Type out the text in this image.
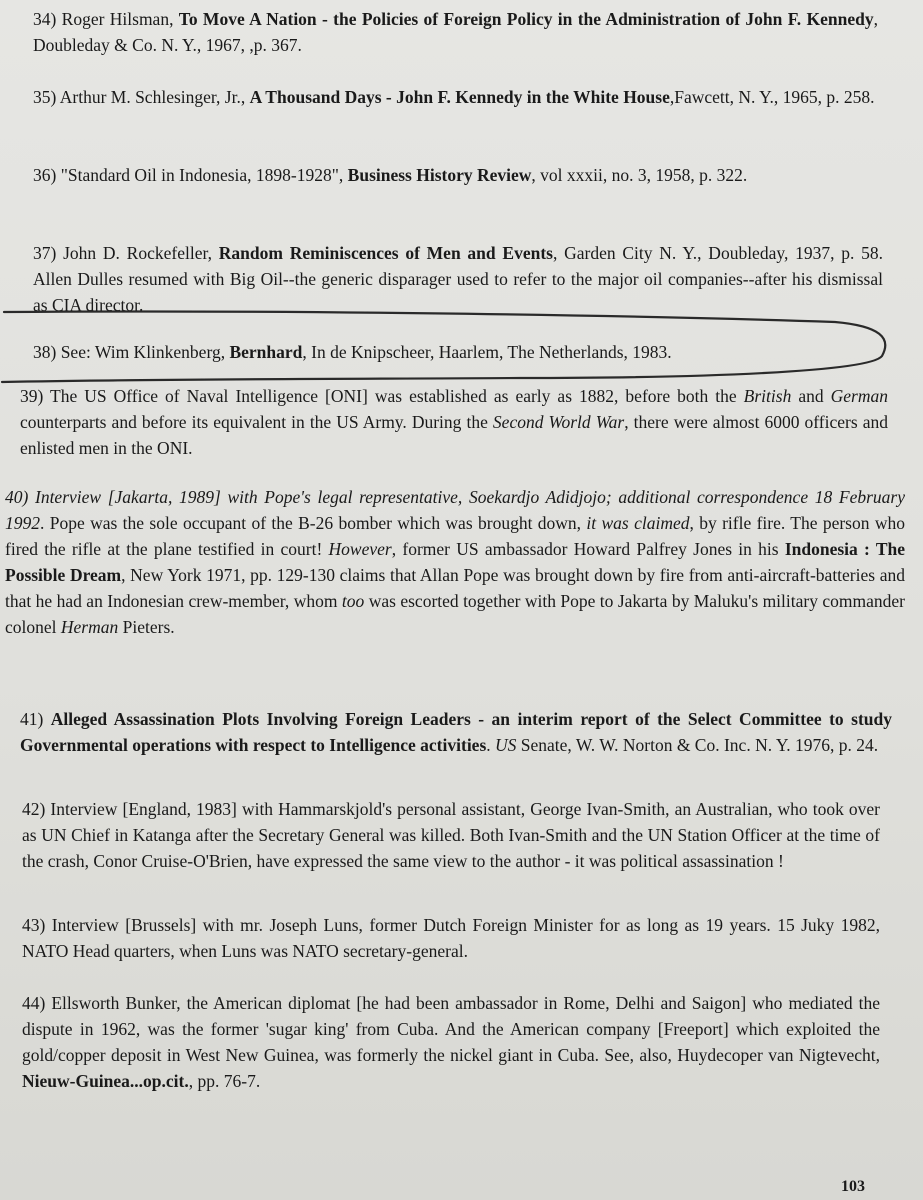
34) Roger Hilsman, To Move A Nation - the Policies of Foreign Policy in the Administration of John F. Kennedy, Doubleday & Co. N. Y., 1967, ,p. 367.
35) Arthur M. Schlesinger, Jr., A Thousand Days - John F. Kennedy in the White House,Fawcett, N. Y., 1965, p. 258.
36) "Standard Oil in Indonesia, 1898-1928", Business History Review, vol xxxii, no. 3, 1958, p. 322.
37) John D. Rockefeller, Random Reminiscences of Men and Events, Garden City N. Y., Doubleday, 1937, p. 58. Allen Dulles resumed with Big Oil--the generic disparager used to refer to the major oil companies--after his dismissal as CIA director.
38) See: Wim Klinkenberg, Bernhard, In de Knipscheer, Haarlem, The Netherlands, 1983.
39) The US Office of Naval Intelligence [ONI] was established as early as 1882, before both the British and German counterparts and before its equivalent in the US Army. During the Second World War, there were almost 6000 officers and enlisted men in the ONI.
40) Interview [Jakarta, 1989] with Pope's legal representative, Soekardjo Adidjojo; additional correspondence 18 February 1992. Pope was the sole occupant of the B-26 bomber which was brought down, it was claimed, by rifle fire. The person who fired the rifle at the plane testified in court! However, former US ambassador Howard Palfrey Jones in his Indonesia : The Possible Dream, New York 1971, pp. 129-130 claims that Allan Pope was brought down by fire from anti-aircraft-batteries and that he had an Indonesian crew-member, whom too was escorted together with Pope to Jakarta by Maluku's military commander colonel Herman Pieters.
41) Alleged Assassination Plots Involving Foreign Leaders - an interim report of the Select Committee to study Governmental operations with respect to Intelligence activities. US Senate, W. W. Norton & Co. Inc. N. Y. 1976, p. 24.
42) Interview [England, 1983] with Hammarskjold's personal assistant, George Ivan-Smith, an Australian, who took over as UN Chief in Katanga after the Secretary General was killed. Both Ivan-Smith and the UN Station Officer at the time of the crash, Conor Cruise-O'Brien, have expressed the same view to the author - it was political assassination !
43) Interview [Brussels] with mr. Joseph Luns, former Dutch Foreign Minister for as long as 19 years. 15 Juky 1982, NATO Head quarters, when Luns was NATO secretary-general.
44) Ellsworth Bunker, the American diplomat [he had been ambassador in Rome, Delhi and Saigon] who mediated the dispute in 1962, was the former 'sugar king' from Cuba. And the American company [Freeport] which exploited the gold/copper deposit in West New Guinea, was formerly the nickel giant in Cuba. See, also, Huydecoper van Nigtevecht, Nieuw-Guinea...op.cit., pp. 76-7.
103
